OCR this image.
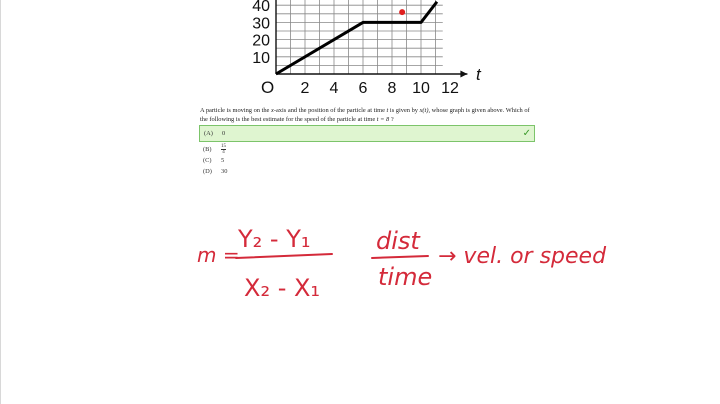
2 4 6 8 10 12
10
20
30
40
O
t
A particle is moving on the x-axis and the position of the particle at time t is given by x(t), whose graph is given above. Which of the following is the best estimate for the speed of the particle at time t = 8 ?
(A) 0	✓
$(B) \frac{15}{4}$
(C) 5
(D) 30
m =
Y₂ - Y₁
X₂ - X₁
dist
time
→ vel. or speed
